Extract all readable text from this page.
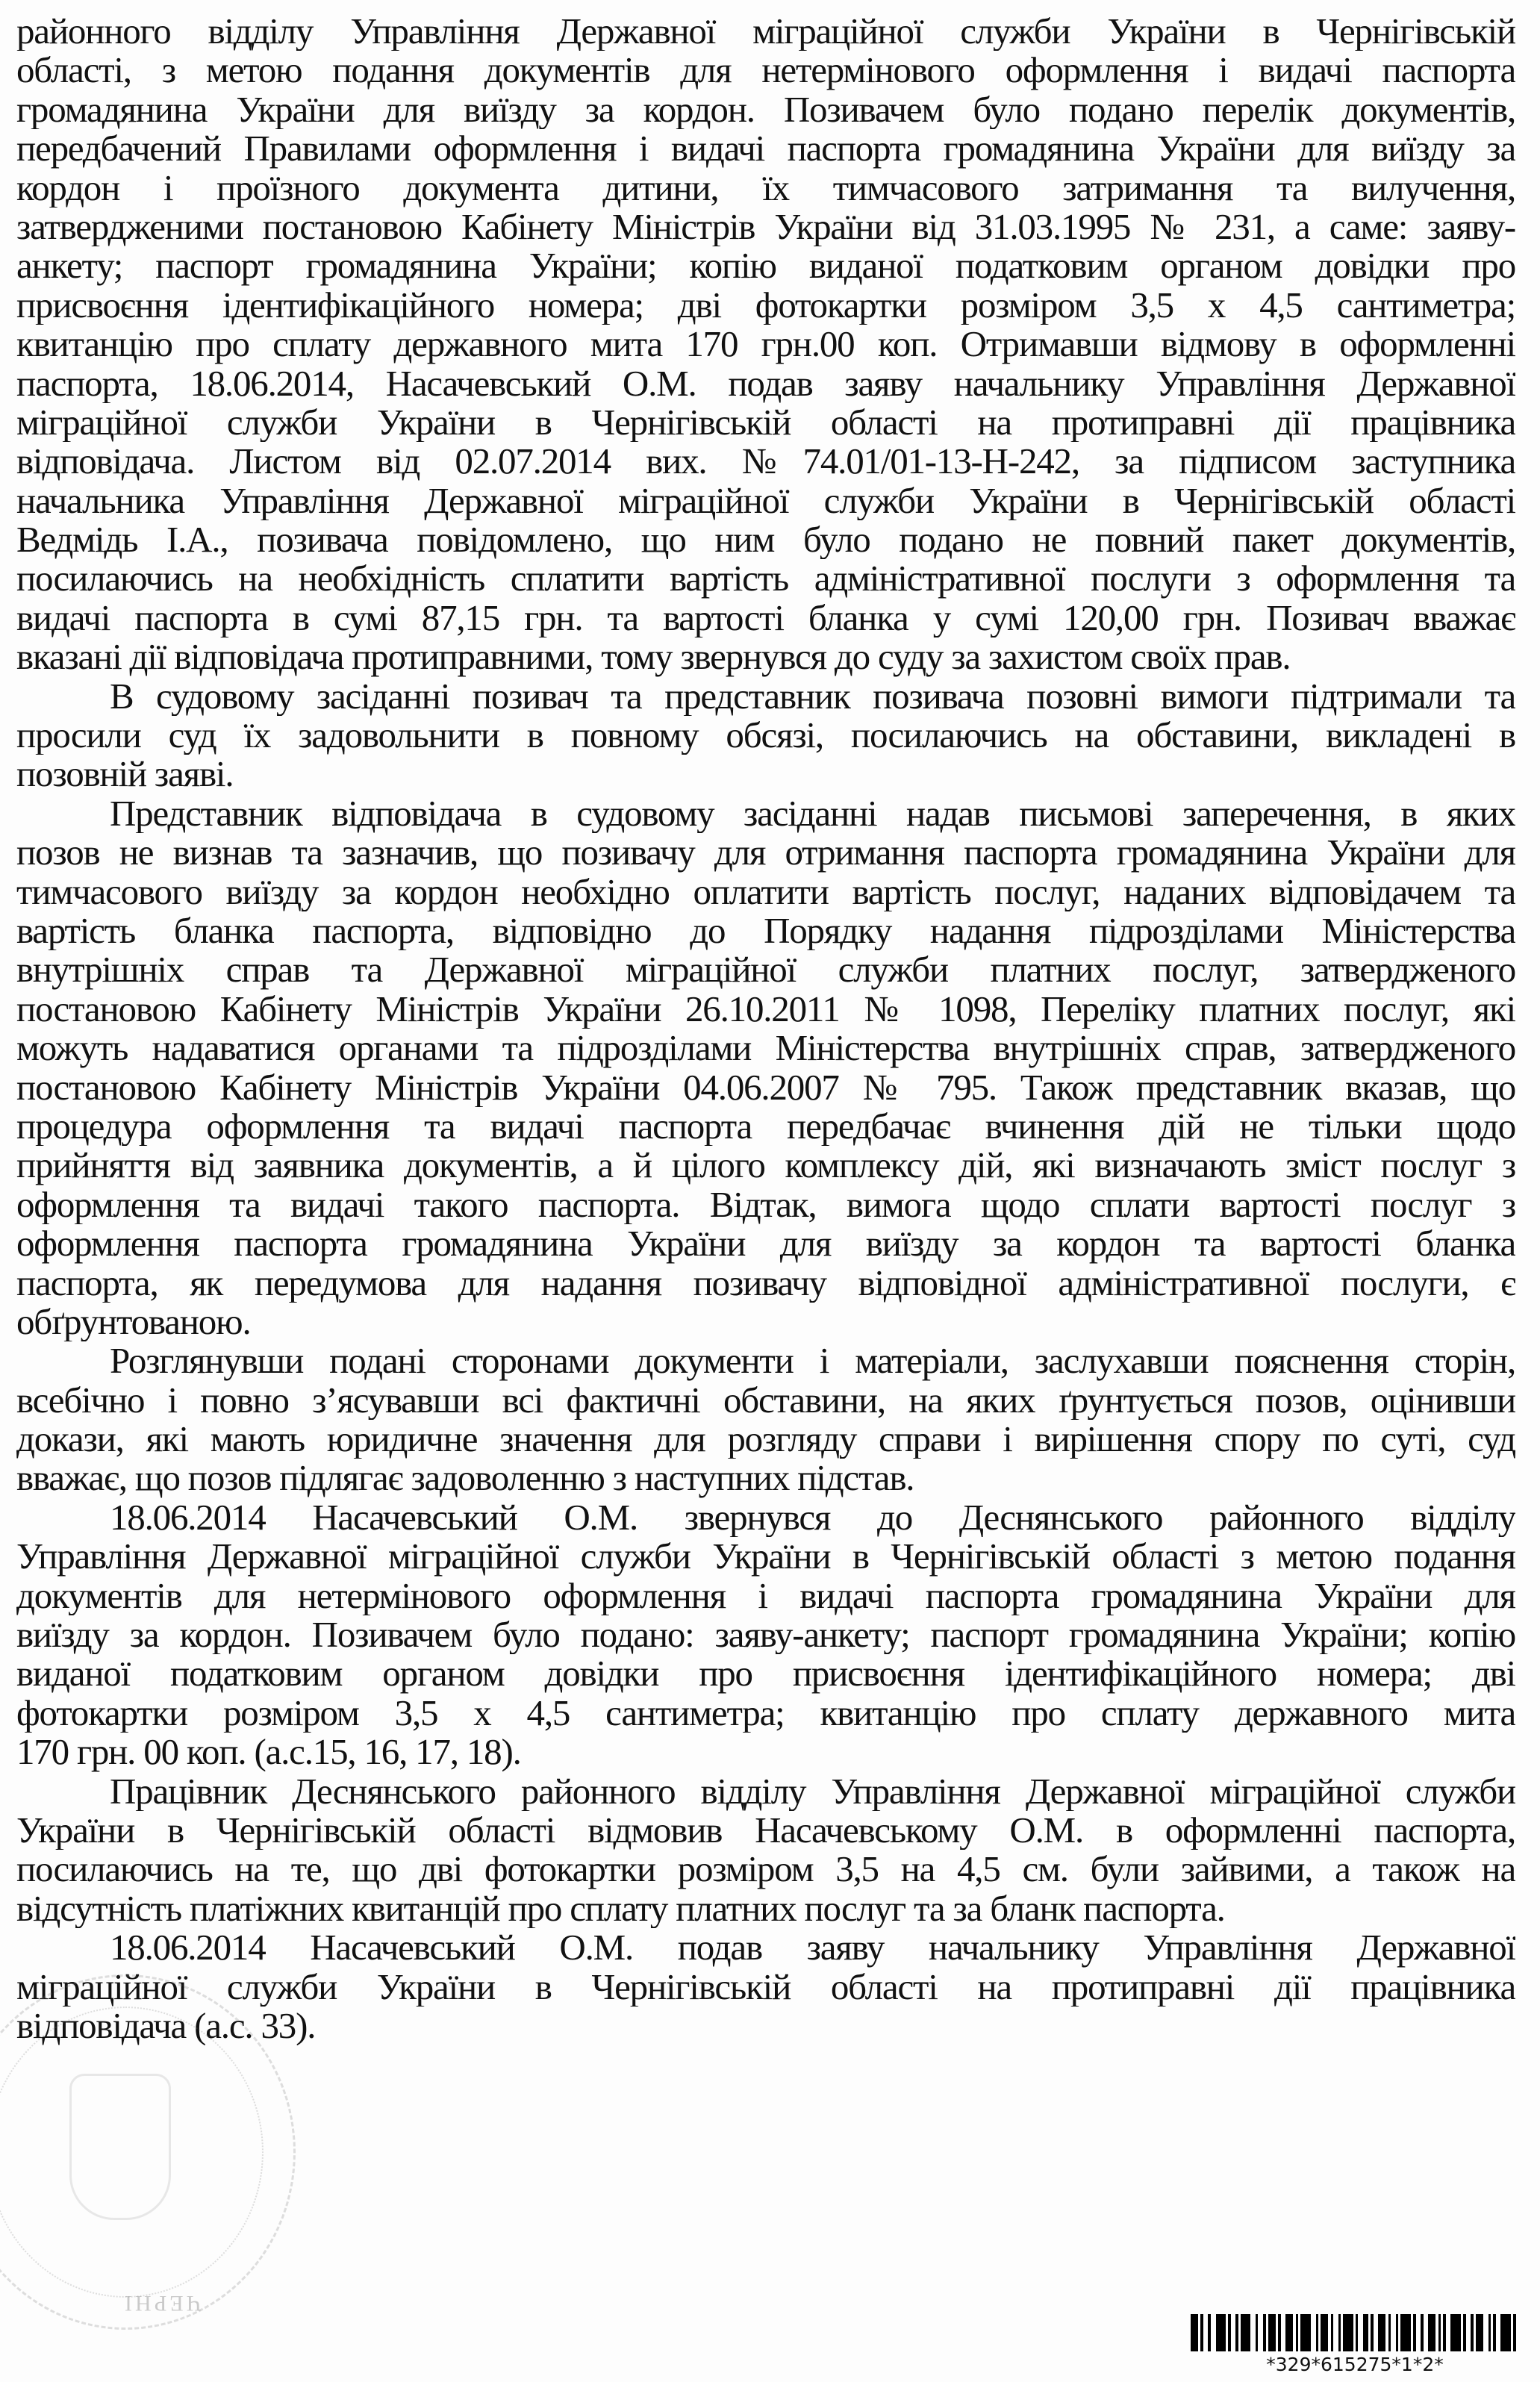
районного відділу Управління Державної міграційної служби України в Чернігівській
області, з метою подання документів для нетермінового оформлення і видачі паспорта
громадянина України для виїзду за кордон. Позивачем було подано перелік документів,
передбачений Правилами оформлення і видачі паспорта громадянина України для виїзду за
кордон і проїзного документа дитини, їх тимчасового затримання та вилучення,
затвердженими постановою Кабінету Міністрів України від 31.03.1995 № 231, а саме: заяву-
анкету; паспорт громадянина України; копію виданої податковим органом довідки про
присвоєння ідентифікаційного номера; дві фотокартки розміром 3,5 х 4,5 сантиметра;
квитанцію про сплату державного мита 170 грн.00 коп. Отримавши відмову в оформленні
паспорта, 18.06.2014, Насачевський О.М. подав заяву начальнику Управління Державної
міграційної служби України в Чернігівській області на протиправні дії працівника
відповідача. Листом від 02.07.2014 вих. №74.01/01-13-Н-242, за підписом заступника
начальника Управління Державної міграційної служби України в Чернігівській області
Ведмідь І.А., позивача повідомлено, що ним було подано не повний пакет документів,
посилаючись на необхідність сплатити вартість адміністративної послуги з оформлення та
видачі паспорта в сумі 87,15 грн. та вартості бланка у сумі 120,00 грн. Позивач вважає
вказані дії відповідача протиправними, тому звернувся до суду за захистом своїх прав.
В судовому засіданні позивач та представник позивача позовні вимоги підтримали та
просили суд їх задовольнити в повному обсязі, посилаючись на обставини, викладені в
позовній заяві.
Представник відповідача в судовому засіданні надав письмові заперечення, в яких
позов не визнав та зазначив, що позивачу для отримання паспорта громадянина України для
тимчасового виїзду за кордон необхідно оплатити вартість послуг, наданих відповідачем та
вартість бланка паспорта, відповідно до Порядку надання підрозділами Міністерства
внутрішніх справ та Державної міграційної служби платних послуг, затвердженого
постановою Кабінету Міністрів України 26.10.2011 № 1098, Переліку платних послуг, які
можуть надаватися органами та підрозділами Міністерства внутрішніх справ, затвердженого
постановою Кабінету Міністрів України 04.06.2007 № 795. Також представник вказав, що
процедура оформлення та видачі паспорта передбачає вчинення дій не тільки щодо
прийняття від заявника документів, а й цілого комплексу дій, які визначають зміст послуг з
оформлення та видачі такого паспорта. Відтак, вимога щодо сплати вартості послуг з
оформлення паспорта громадянина України для виїзду за кордон та вартості бланка
паспорта, як передумова для надання позивачу відповідної адміністративної послуги, є
обґрунтованою.
Розглянувши подані сторонами документи і матеріали, заслухавши пояснення сторін,
всебічно і повно з’ясувавши всі фактичні обставини, на яких ґрунтується позов, оцінивши
докази, які мають юридичне значення для розгляду справи і вирішення спору по суті, суд
вважає, що позов підлягає задоволенню з наступних підстав.
18.06.2014 Насачевський О.М. звернувся до Деснянського районного відділу
Управління Державної міграційної служби України в Чернігівській області з метою подання
документів для нетермінового оформлення і видачі паспорта громадянина України для
виїзду за кордон. Позивачем було подано: заяву-анкету; паспорт громадянина України; копію
виданої податковим органом довідки про присвоєння ідентифікаційного номера; дві
фотокартки розміром 3,5 х 4,5 сантиметра; квитанцію про сплату державного мита
170 грн. 00 коп. (а.с.15, 16, 17, 18).
Працівник Деснянського районного відділу Управління Державної міграційної служби
України в Чернігівській області відмовив Насачевському О.М. в оформленні паспорта,
посилаючись на те, що дві фотокартки розміром 3,5 на 4,5 см. були зайвими, а також на
відсутність платіжних квитанцій про сплату платних послуг та за бланк паспорта.
18.06.2014 Насачевський О.М. подав заяву начальнику Управління Державної
міграційної служби України в Чернігівській області на протиправні дії працівника
відповідача (а.с. 33).
ЧЕРНІ
*329*615275*1*2*
